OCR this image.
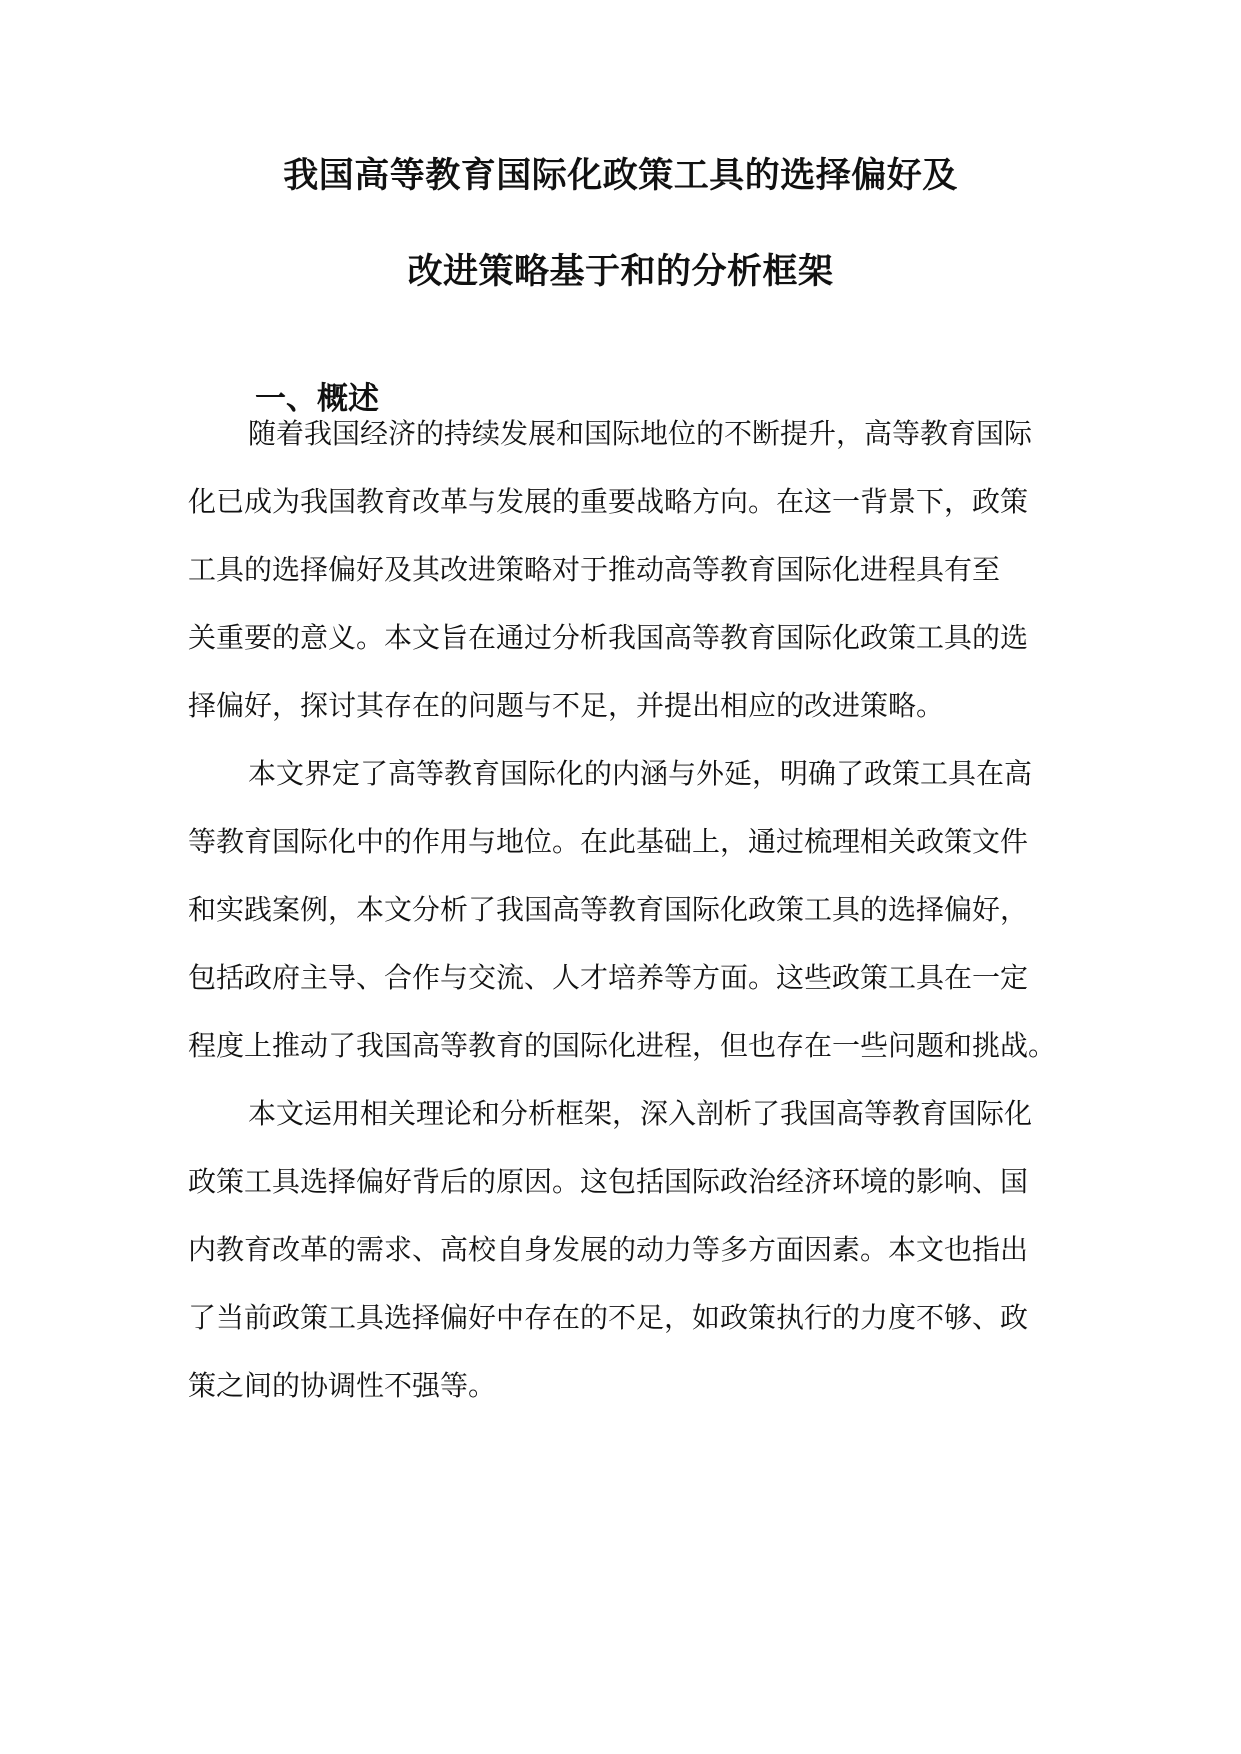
我国高等教育国际化政策工具的选择偏好及
改进策略基于和的分析框架
一、概述
随着我国经济的持续发展和国际地位的不断提升，高等教育国际
化已成为我国教育改革与发展的重要战略方向。在这一背景下，政策
工具的选择偏好及其改进策略对于推动高等教育国际化进程具有至
关重要的意义。本文旨在通过分析我国高等教育国际化政策工具的选
择偏好，探讨其存在的问题与不足，并提出相应的改进策略。
本文界定了高等教育国际化的内涵与外延，明确了政策工具在高
等教育国际化中的作用与地位。在此基础上，通过梳理相关政策文件
和实践案例，本文分析了我国高等教育国际化政策工具的选择偏好，
包括政府主导、合作与交流、人才培养等方面。这些政策工具在一定
程度上推动了我国高等教育的国际化进程，但也存在一些问题和挑战。
本文运用相关理论和分析框架，深入剖析了我国高等教育国际化
政策工具选择偏好背后的原因。这包括国际政治经济环境的影响、国
内教育改革的需求、高校自身发展的动力等多方面因素。本文也指出
了当前政策工具选择偏好中存在的不足，如政策执行的力度不够、政
策之间的协调性不强等。
